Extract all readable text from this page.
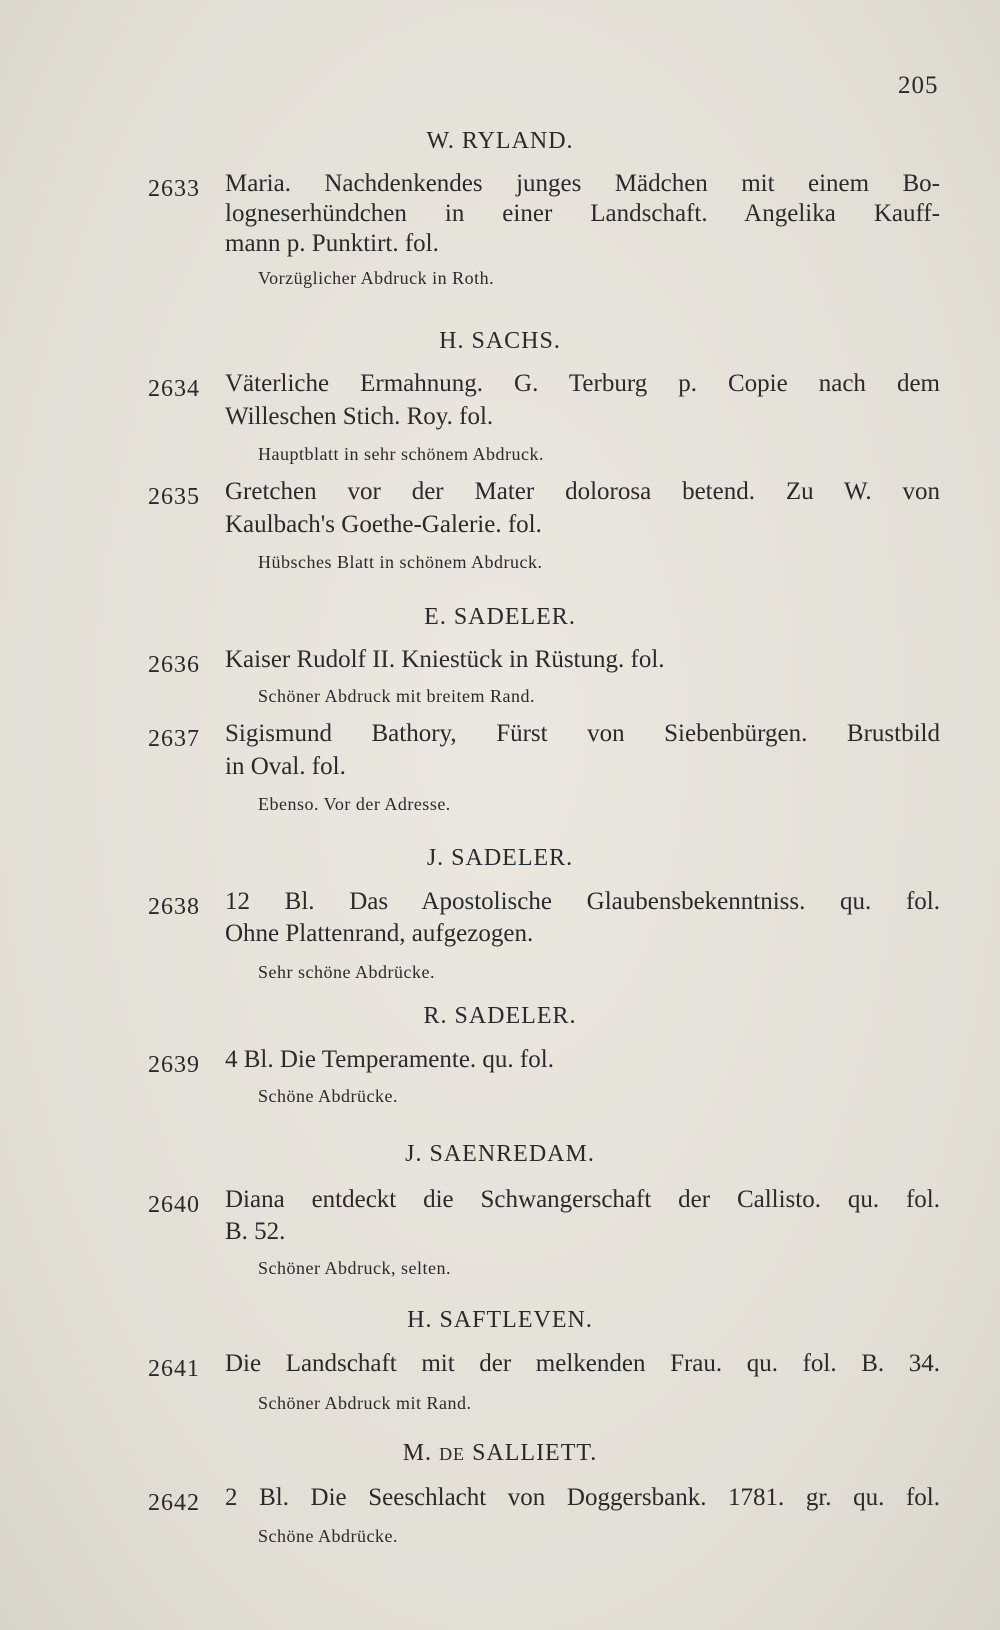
205
W. RYLAND.
2633 Maria. Nachdenkendes junges Mädchen mit einem Bo-
logneserhündchen in einer Landschaft. Angelika Kauff-
mann p. Punktirt. fol.
Vorzüglicher Abdruck in Roth.
H. SACHS.
2634 Väterliche Ermahnung. G. Terburg p. Copie nach dem
Willeschen Stich. Roy. fol.
Hauptblatt in sehr schönem Abdruck.
2635 Gretchen vor der Mater dolorosa betend. Zu W. von
Kaulbach's Goethe-Galerie. fol.
Hübsches Blatt in schönem Abdruck.
E. SADELER.
2636 Kaiser Rudolf II. Kniestück in Rüstung. fol.
Schöner Abdruck mit breitem Rand.
2637 Sigismund Bathory, Fürst von Siebenbürgen. Brustbild
in Oval. fol.
Ebenso. Vor der Adresse.
J. SADELER.
2638 12 Bl. Das Apostolische Glaubensbekenntniss. qu. fol.
Ohne Plattenrand, aufgezogen.
Sehr schöne Abdrücke.
R. SADELER.
2639 4 Bl. Die Temperamente. qu. fol.
Schöne Abdrücke.
J. SAENREDAM.
2640 Diana entdeckt die Schwangerschaft der Callisto. qu. fol.
B. 52.
Schöner Abdruck, selten.
H. SAFTLEVEN.
2641 Die Landschaft mit der melkenden Frau. qu. fol. B. 34.
Schöner Abdruck mit Rand.
M. DE SALLIETT.
2642 2 Bl. Die Seeschlacht von Doggersbank. 1781. gr. qu. fol.
Schöne Abdrücke.
